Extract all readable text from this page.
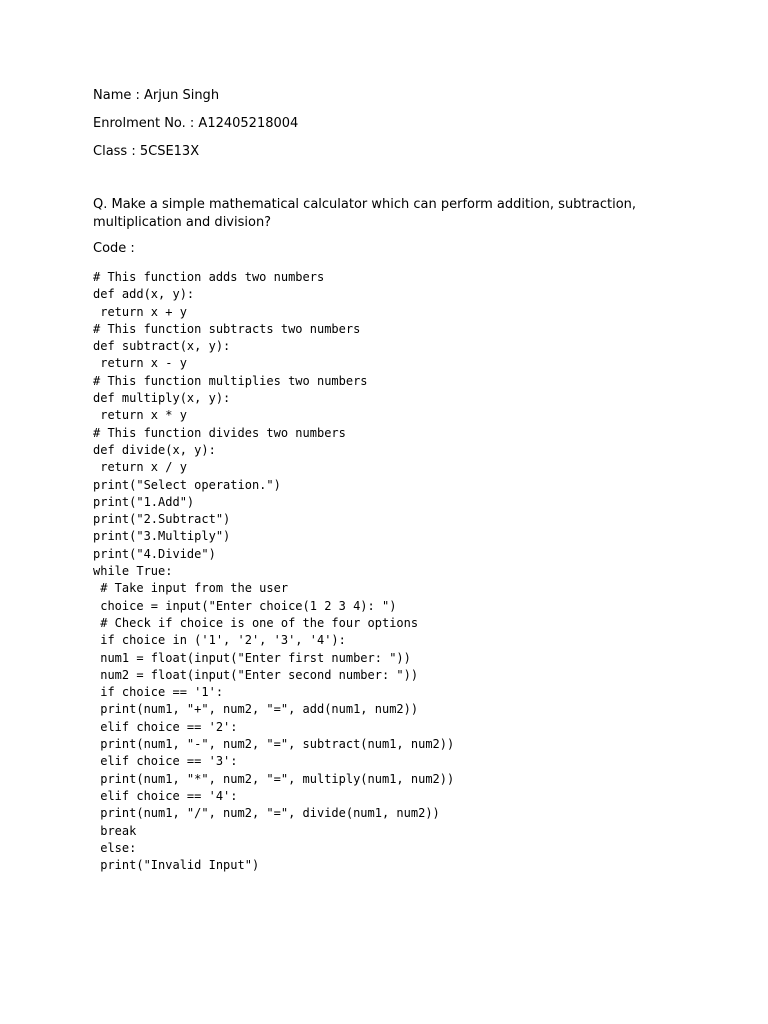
Name : Arjun Singh

Enrolment No. : A12405218004

Class : 5CSE13X

Q. Make a simple mathematical calculator which can perform addition, subtraction, multiplication and division?

Code :

# This function adds two numbers
def add(x, y):
return x + y
# This function subtracts two numbers
def subtract(x, y):
return x - y
# This function multiplies two numbers
def multiply(x, y):
return x * y
# This function divides two numbers
def divide(x, y):
return x / y
print("Select operation.")
print("1.Add")
print("2.Subtract")
print("3.Multiply")
print("4.Divide")
while True:
# Take input from the user
choice = input("Enter choice(1 2 3 4): ")
# Check if choice is one of the four options
if choice in ('1', '2', '3', '4'):
num1 = float(input("Enter first number: "))
num2 = float(input("Enter second number: "))
if choice == '1':
print(num1, "+", num2, "=", add(num1, num2))
elif choice == '2':
print(num1, "-", num2, "=", subtract(num1, num2))
elif choice == '3':
print(num1, "*", num2, "=", multiply(num1, num2))
elif choice == '4':
print(num1, "/", num2, "=", divide(num1, num2))
break
else:
print("Invalid Input")
